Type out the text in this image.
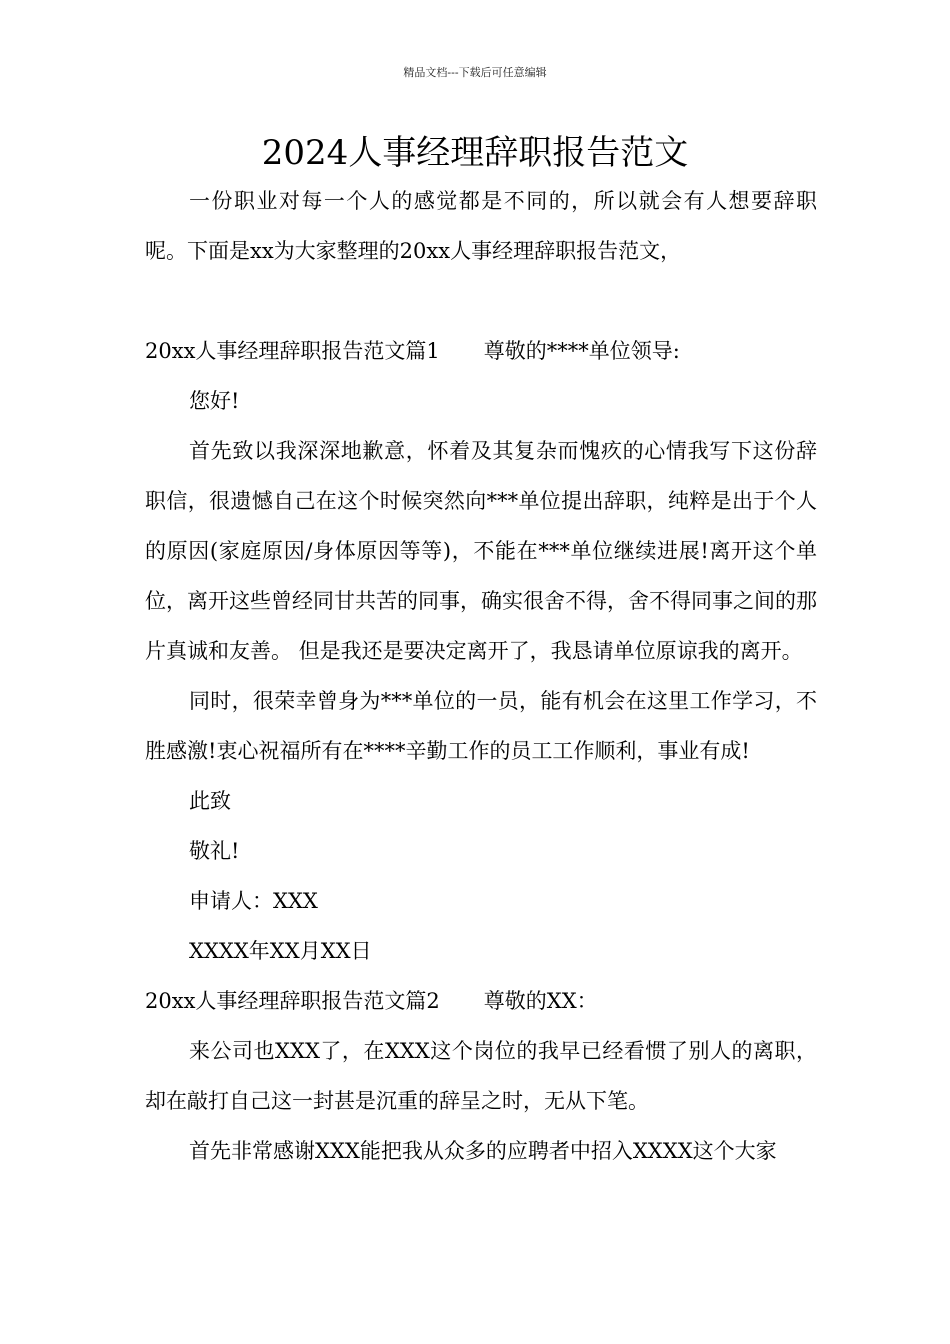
精品文档---下载后可任意编辑
2024人事经理辞职报告范文

一份职业对每一个人的感觉都是不同的，所以就会有人想要辞职呢。下面是xx为大家整理的20xx人事经理辞职报告范文，

20xx人事经理辞职报告范文篇1 尊敬的****单位领导:

您好!

首先致以我深深地歉意，怀着及其复杂而愧疚的心情我写下这份辞职信，很遗憾自己在这个时候突然向***单位提出辞职，纯粹是出于个人的原因(家庭原因/身体原因等等)，不能在***单位继续进展!离开这个单位，离开这些曾经同甘共苦的同事，确实很舍不得，舍不得同事之间的那片真诚和友善。 但是我还是要决定离开了，我恳请单位原谅我的离开。

同时，很荣幸曾身为***单位的一员，能有机会在这里工作学习，不胜感激!衷心祝福所有在****辛勤工作的员工工作顺利，事业有成!

此致

敬礼!

申请人：XXX

XXXX年XX月XX日

20xx人事经理辞职报告范文篇2 尊敬的XX：

来公司也XXX了，在XXX这个岗位的我早已经看惯了别人的离职，却在敲打自己这一封甚是沉重的辞呈之时，无从下笔。

首先非常感谢XXX能把我从众多的应聘者中招入XXXX这个大家
